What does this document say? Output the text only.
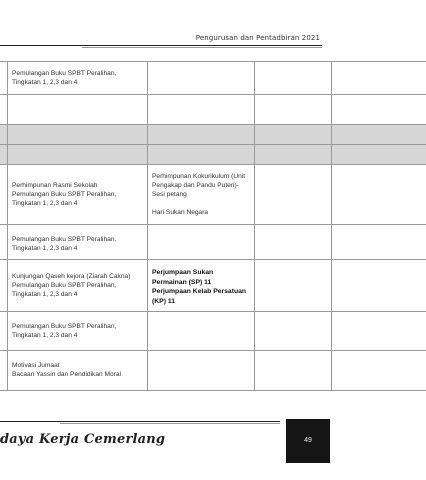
Pengurusan dan Pentadbiran 2021
Pemulangan Buku SPBT Peralihan,
Tingkatan 1, 2,3 dan 4
Perhimpunan Rasmi Sekolah
Pemulangan Buku SPBT Peralihan,
Tingkatan 1, 2,3 dan 4
Pemulangan Buku SPBT Peralihan,
Tingkatan 1, 2,3 dan 4
Kunjungan Qaseh kejora (Ziarah Cakna)
Pemulangan Buku SPBT Peralihan,
Tingkatan 1, 2,3 dan 4
Pemulangan Buku SPBT Peralihan,
Tingkatan 1, 2,3 dan 4
Motivasi Jumaat
Bacaan Yassin dan Pendidikan Moral
Perhimpunan Kokurikulum (Unit
Pengakap dan Pandu Puteri)-
Sesi petang

Hari Sukan Negara
Perjumpaan Sukan
Permainan (SP) 11
Perjumpaan Kelab Persatuan
(KP) 11
daya Kerja Cemerlang	49
